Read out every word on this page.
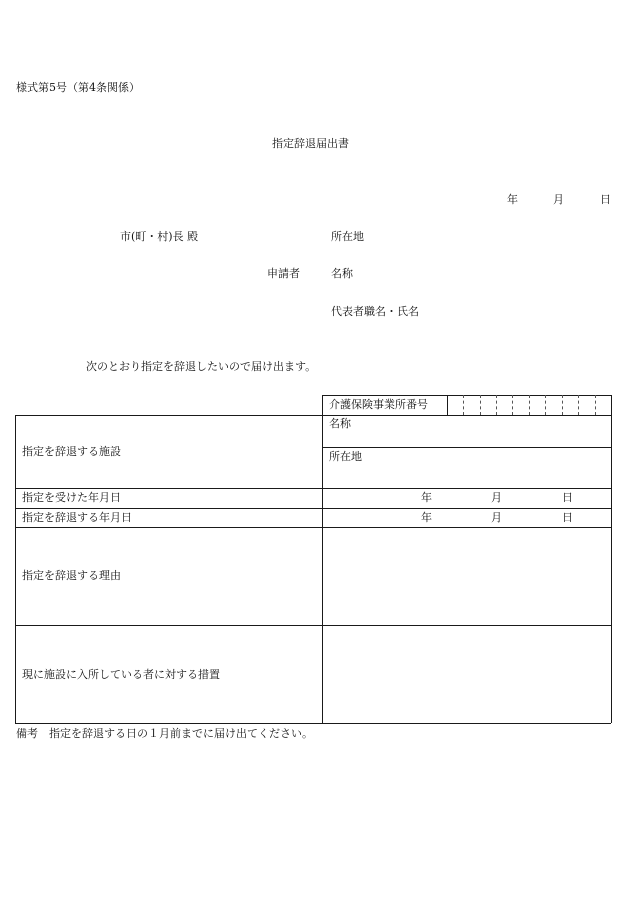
様式第5号（第4条関係）
指定辞退届出書
年	月	日
市(町・村)長 殿	所在地
申請者	名称
代表者職名・氏名
次のとおり指定を辞退したいので届け出ます。
介護保険事業所番号
指定を辞退する施設
名称
所在地
指定を受けた年月日	年	月	日
指定を辞退する年月日	年	月	日
指定を辞退する理由
現に施設に入所している者に対する措置
備考　指定を辞退する日の１月前までに届け出てください。
